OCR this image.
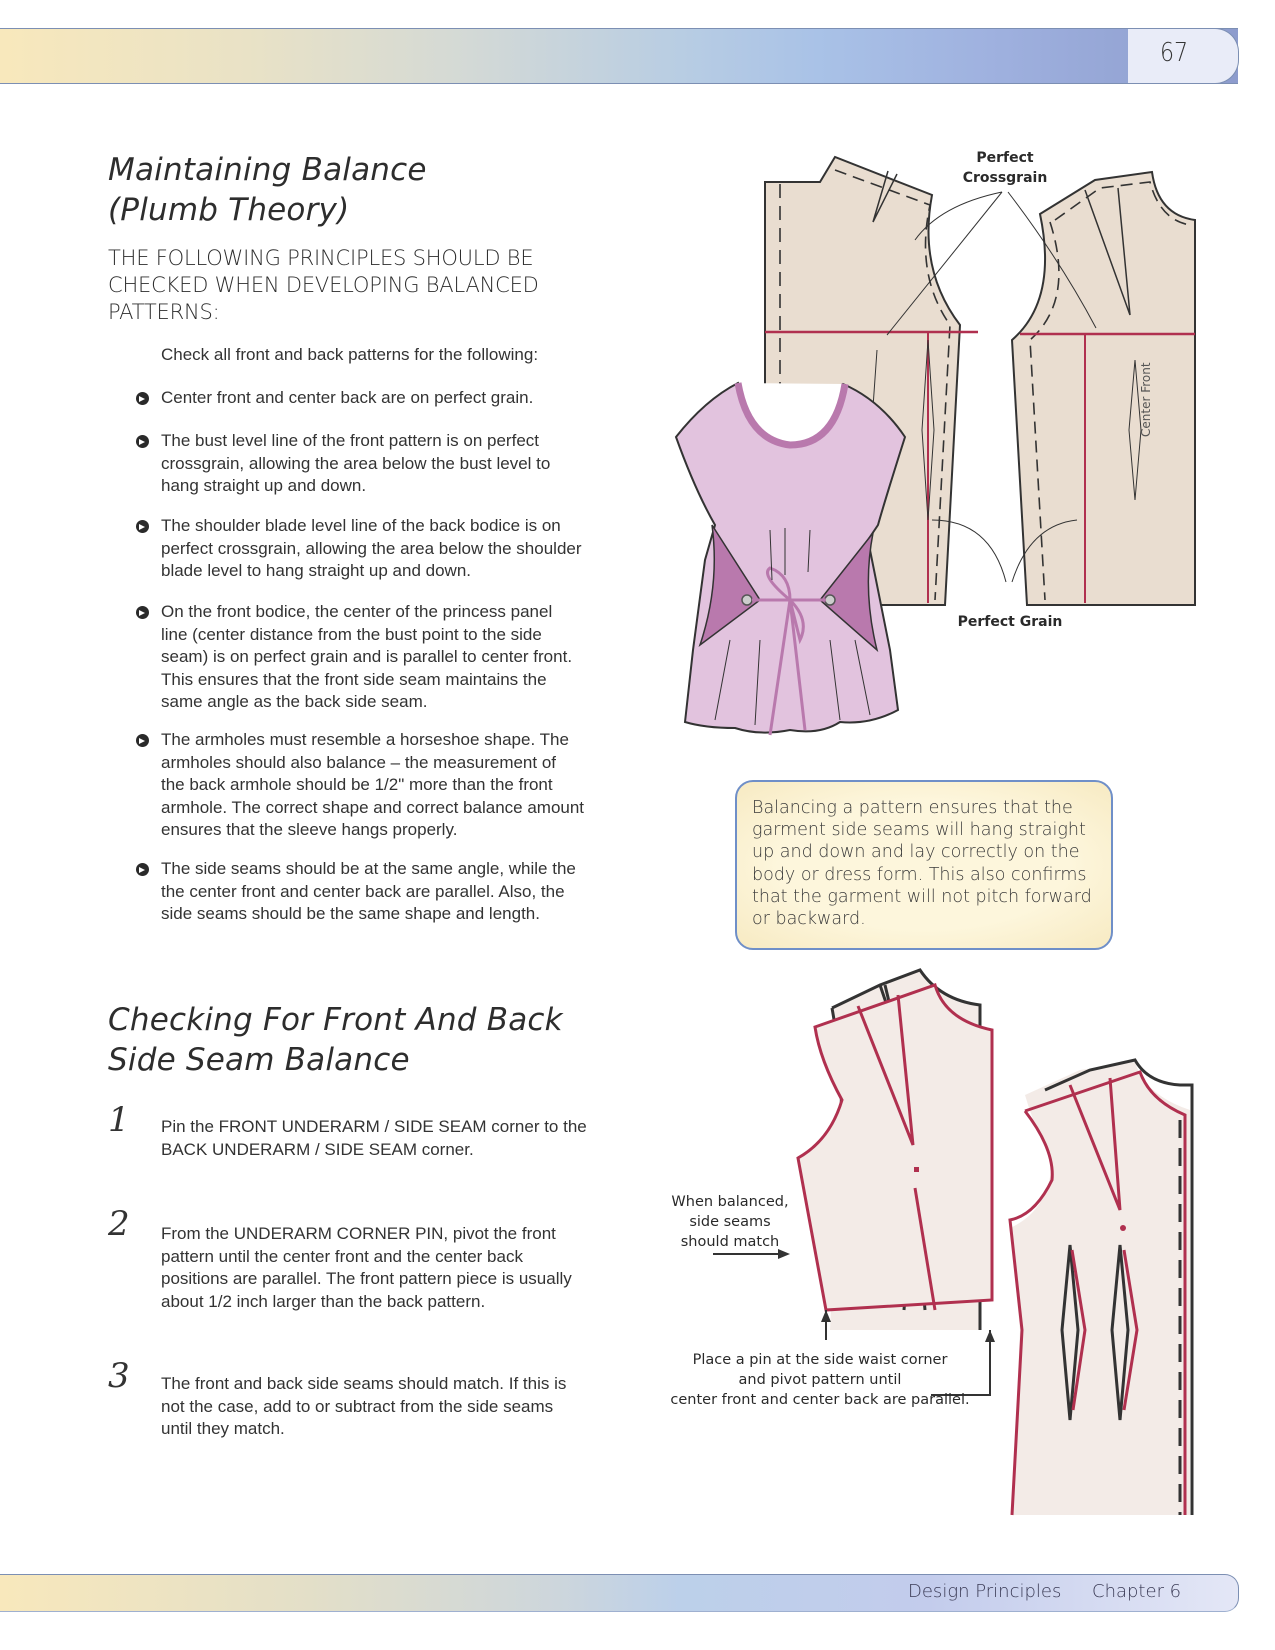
67
Maintaining Balance
(Plumb Theory)
THE FOLLOWING PRINCIPLES SHOULD BE
CHECKED WHEN DEVELOPING BALANCED
PATTERNS:
Check all front and back patterns for the following:
Center front and center back are on perfect grain.
The bust level line of the front pattern is on perfect
crossgrain, allowing the area below the bust level to
hang straight up and down.
The shoulder blade level line of the back bodice is on
perfect crossgrain, allowing the area below the shoulder
blade level to hang straight up and down.
On the front bodice, the center of the princess panel
line (center distance from the bust point to the side
seam) is on perfect grain and is parallel to center front.
This ensures that the front side seam maintains the
same angle as the back side seam.
The armholes must resemble a horseshoe shape. The
armholes should also balance – the measurement of
the back armhole should be 1/2" more than the front
armhole. The correct shape and correct balance amount
ensures that the sleeve hangs properly.
The side seams should be at the same angle, while the
the center front and center back are parallel. Also, the
side seams should be the same shape and length.
Checking For Front And Back
Side Seam Balance
1 Pin the FRONT UNDERARM / SIDE SEAM corner to the
BACK UNDERARM / SIDE SEAM corner.
2 From the UNDERARM CORNER PIN, pivot the front
pattern until the center front and the center back
positions are parallel. The front pattern piece is usually
about 1/2 inch larger than the back pattern.
3 The front and back side seams should match. If this is
not the case, add to or subtract from the side seams
until they match.
Perfect
Crossgrain
Perfect Grain
Center Front
Balancing a pattern ensures that the garment side seams will hang straight up and down and lay correctly on the body or dress form. This also confirms that the garment will not pitch forward or backward.
When balanced,
side seams
should match
Place a pin at the side waist corner
and pivot pattern until
center front and center back are parallel.
Design Principles Chapter 6
